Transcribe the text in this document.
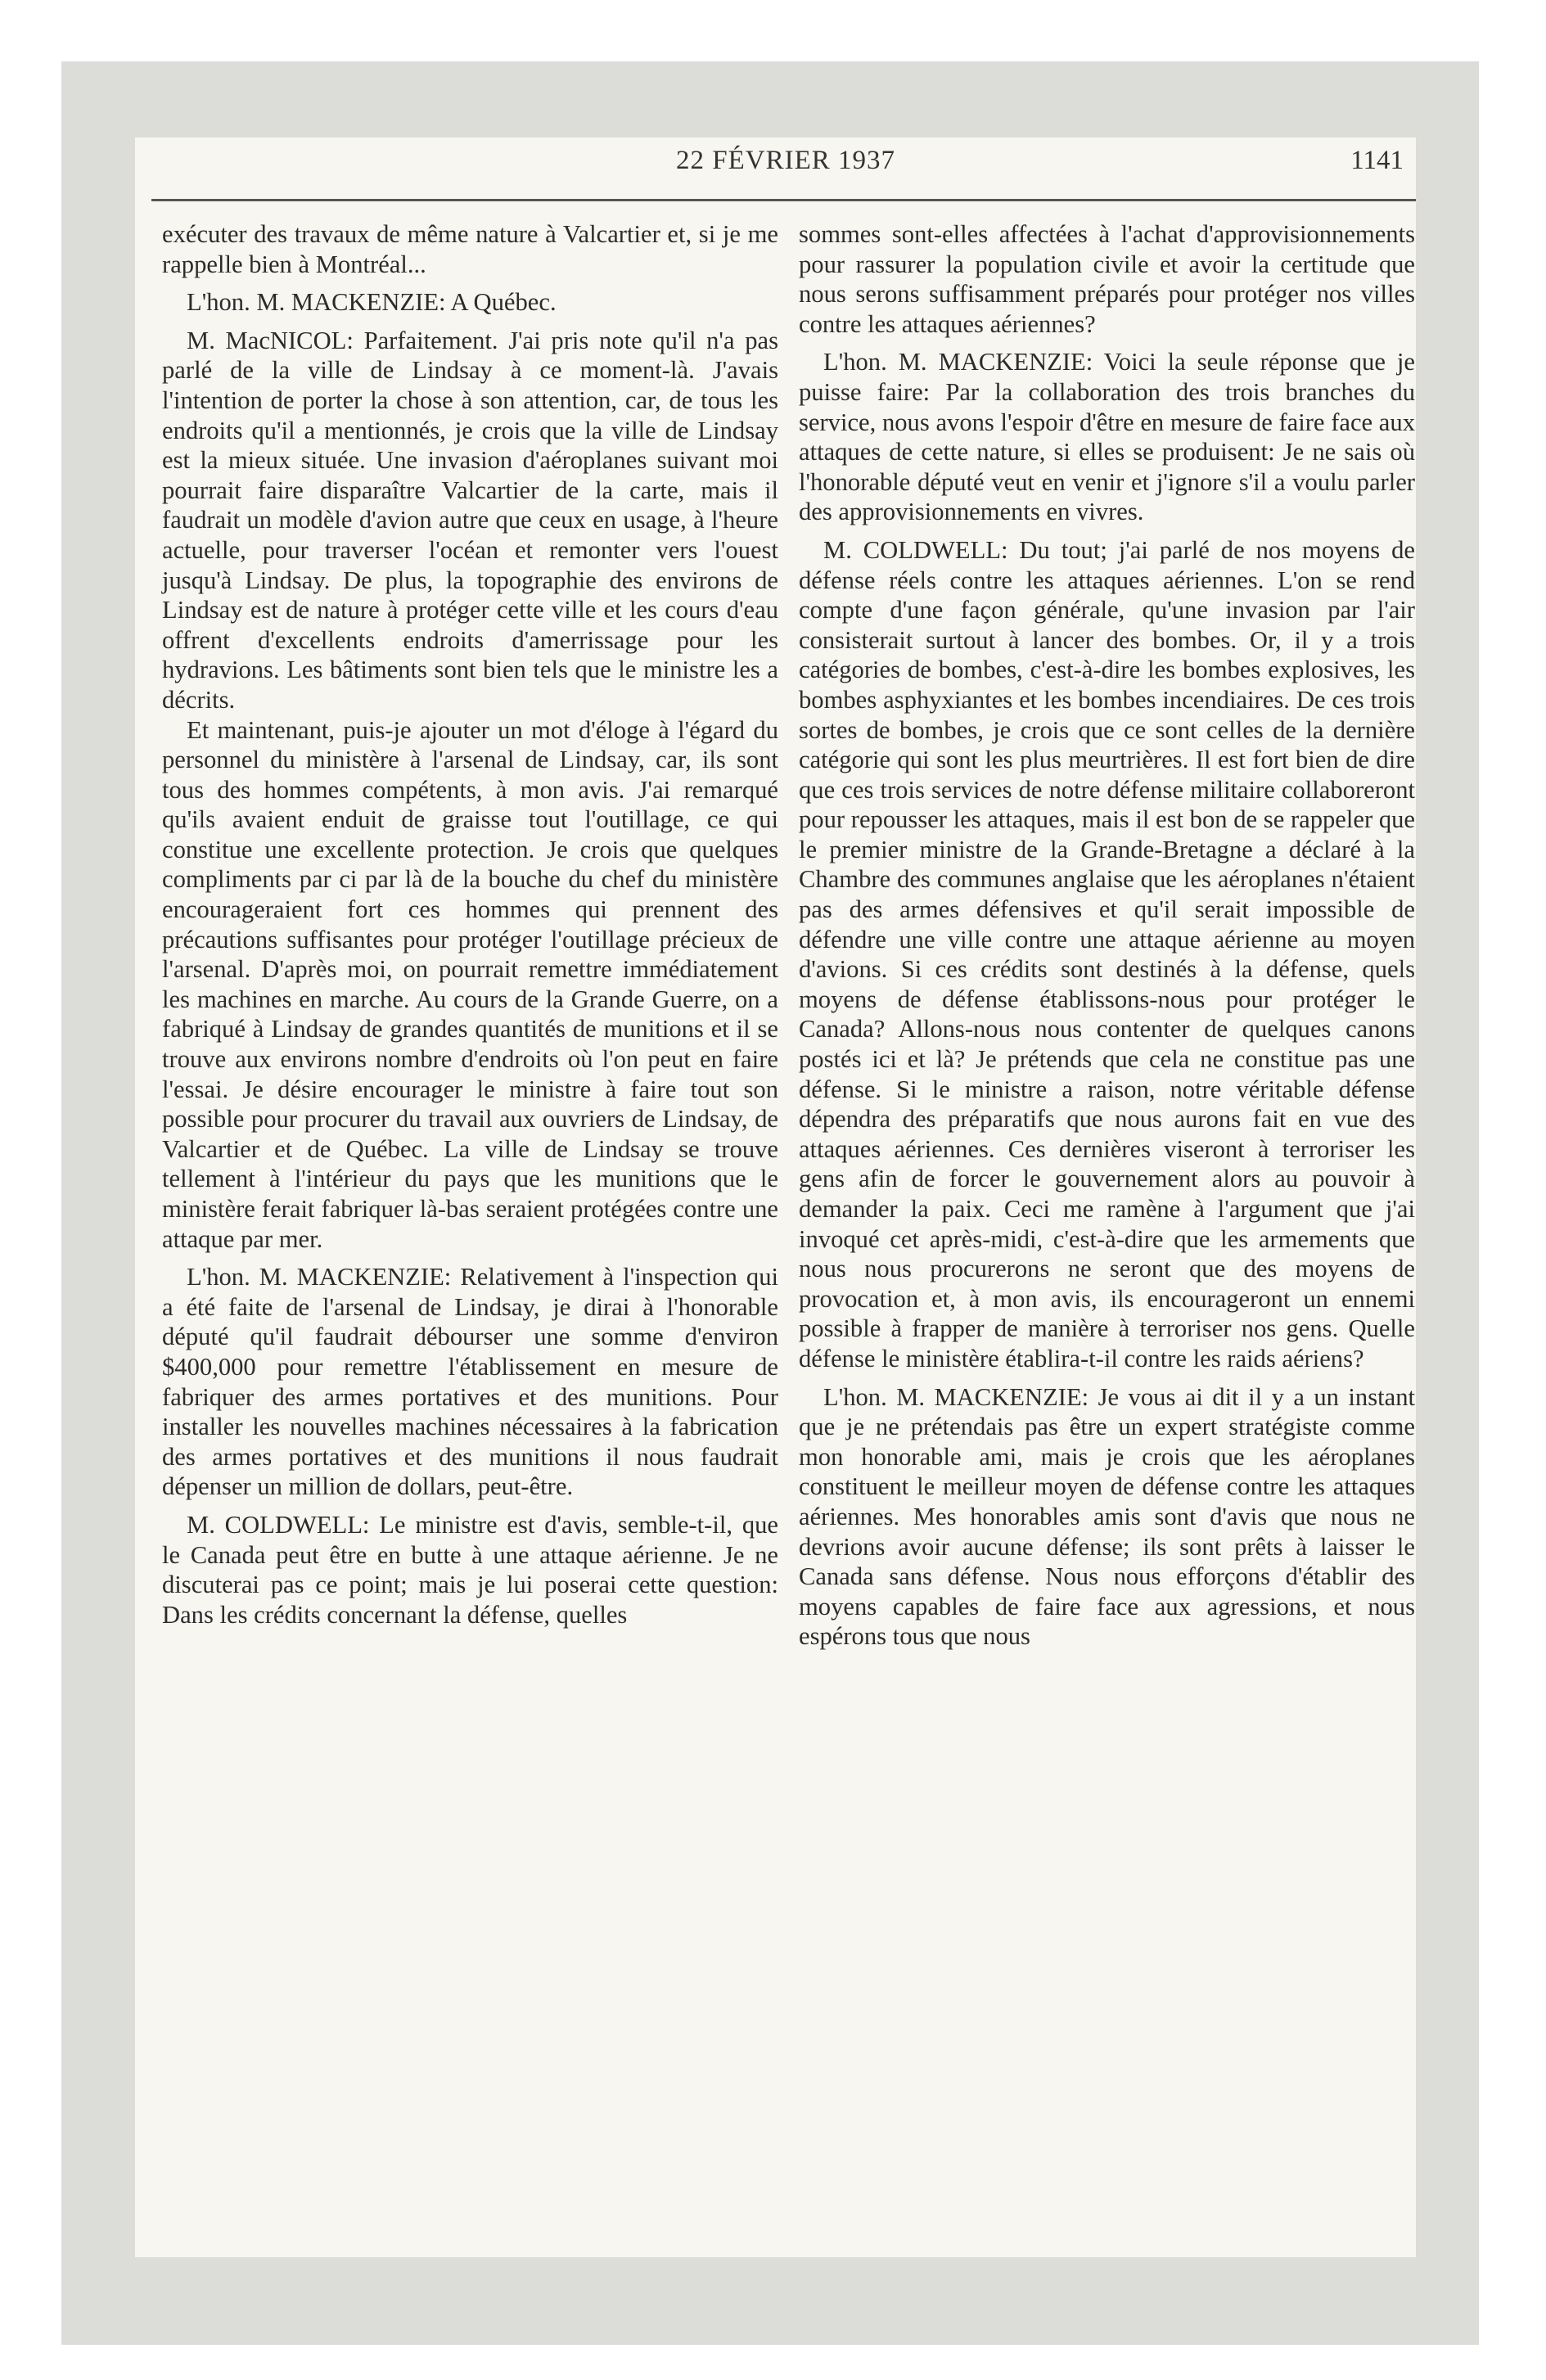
22 FÉVRIER 1937	1141

exécuter des travaux de même nature à Valcartier et, si je me rappelle bien à Montréal...

L'hon. M. MACKENZIE: A Québec.

M. MacNICOL: Parfaitement. J'ai pris note qu'il n'a pas parlé de la ville de Lindsay à ce moment-là. J'avais l'intention de porter la chose à son attention, car, de tous les endroits qu'il a mentionnés, je crois que la ville de Lindsay est la mieux située. Une invasion d'aéroplanes suivant moi pourrait faire disparaître Valcartier de la carte, mais il faudrait un modèle d'avion autre que ceux en usage, à l'heure actuelle, pour traverser l'océan et remonter vers l'ouest jusqu'à Lindsay. De plus, la topographie des environs de Lindsay est de nature à protéger cette ville et les cours d'eau offrent d'excellents endroits d'amerrissage pour les hydravions. Les bâtiments sont bien tels que le ministre les a décrits.

Et maintenant, puis-je ajouter un mot d'éloge à l'égard du personnel du ministère à l'arsenal de Lindsay, car, ils sont tous des hommes compétents, à mon avis. J'ai remarqué qu'ils avaient enduit de graisse tout l'outillage, ce qui constitue une excellente protection. Je crois que quelques compliments par ci par là de la bouche du chef du ministère encourageraient fort ces hommes qui prennent des précautions suffisantes pour protéger l'outillage précieux de l'arsenal. D'après moi, on pourrait remettre immédiatement les machines en marche. Au cours de la Grande Guerre, on a fabriqué à Lindsay de grandes quantités de munitions et il se trouve aux environs nombre d'endroits où l'on peut en faire l'essai. Je désire encourager le ministre à faire tout son possible pour procurer du travail aux ouvriers de Lindsay, de Valcartier et de Québec. La ville de Lindsay se trouve tellement à l'intérieur du pays que les munitions que le ministère ferait fabriquer là-bas seraient protégées contre une attaque par mer.

L'hon. M. MACKENZIE: Relativement à l'inspection qui a été faite de l'arsenal de Lindsay, je dirai à l'honorable député qu'il faudrait débourser une somme d'environ $400,000 pour remettre l'établissement en mesure de fabriquer des armes portatives et des munitions. Pour installer les nouvelles machines nécessaires à la fabrication des armes portatives et des munitions il nous faudrait dépenser un million de dollars, peut-être.

M. COLDWELL: Le ministre est d'avis, semble-t-il, que le Canada peut être en butte à une attaque aérienne. Je ne discuterai pas ce point; mais je lui poserai cette question: Dans les crédits concernant la défense, quelles

sommes sont-elles affectées à l'achat d'approvisionnements pour rassurer la population civile et avoir la certitude que nous serons suffisamment préparés pour protéger nos villes contre les attaques aériennes?

L'hon. M. MACKENZIE: Voici la seule réponse que je puisse faire: Par la collaboration des trois branches du service, nous avons l'espoir d'être en mesure de faire face aux attaques de cette nature, si elles se produisent: Je ne sais où l'honorable député veut en venir et j'ignore s'il a voulu parler des approvisionnements en vivres.

M. COLDWELL: Du tout; j'ai parlé de nos moyens de défense réels contre les attaques aériennes. L'on se rend compte d'une façon générale, qu'une invasion par l'air consisterait surtout à lancer des bombes. Or, il y a trois catégories de bombes, c'est-à-dire les bombes explosives, les bombes asphyxiantes et les bombes incendiaires. De ces trois sortes de bombes, je crois que ce sont celles de la dernière catégorie qui sont les plus meurtrières. Il est fort bien de dire que ces trois services de notre défense militaire collaboreront pour repousser les attaques, mais il est bon de se rappeler que le premier ministre de la Grande-Bretagne a déclaré à la Chambre des communes anglaise que les aéroplanes n'étaient pas des armes défensives et qu'il serait impossible de défendre une ville contre une attaque aérienne au moyen d'avions. Si ces crédits sont destinés à la défense, quels moyens de défense établissons-nous pour protéger le Canada? Allons-nous nous contenter de quelques canons postés ici et là? Je prétends que cela ne constitue pas une défense. Si le ministre a raison, notre véritable défense dépendra des préparatifs que nous aurons fait en vue des attaques aériennes. Ces dernières viseront à terroriser les gens afin de forcer le gouvernement alors au pouvoir à demander la paix. Ceci me ramène à l'argument que j'ai invoqué cet après-midi, c'est-à-dire que les armements que nous nous procurerons ne seront que des moyens de provocation et, à mon avis, ils encourageront un ennemi possible à frapper de manière à terroriser nos gens. Quelle défense le ministère établira-t-il contre les raids aériens?

L'hon. M. MACKENZIE: Je vous ai dit il y a un instant que je ne prétendais pas être un expert stratégiste comme mon honorable ami, mais je crois que les aéroplanes constituent le meilleur moyen de défense contre les attaques aériennes. Mes honorables amis sont d'avis que nous ne devrions avoir aucune défense; ils sont prêts à laisser le Canada sans défense. Nous nous efforçons d'établir des moyens capables de faire face aux agressions, et nous espérons tous que nous
